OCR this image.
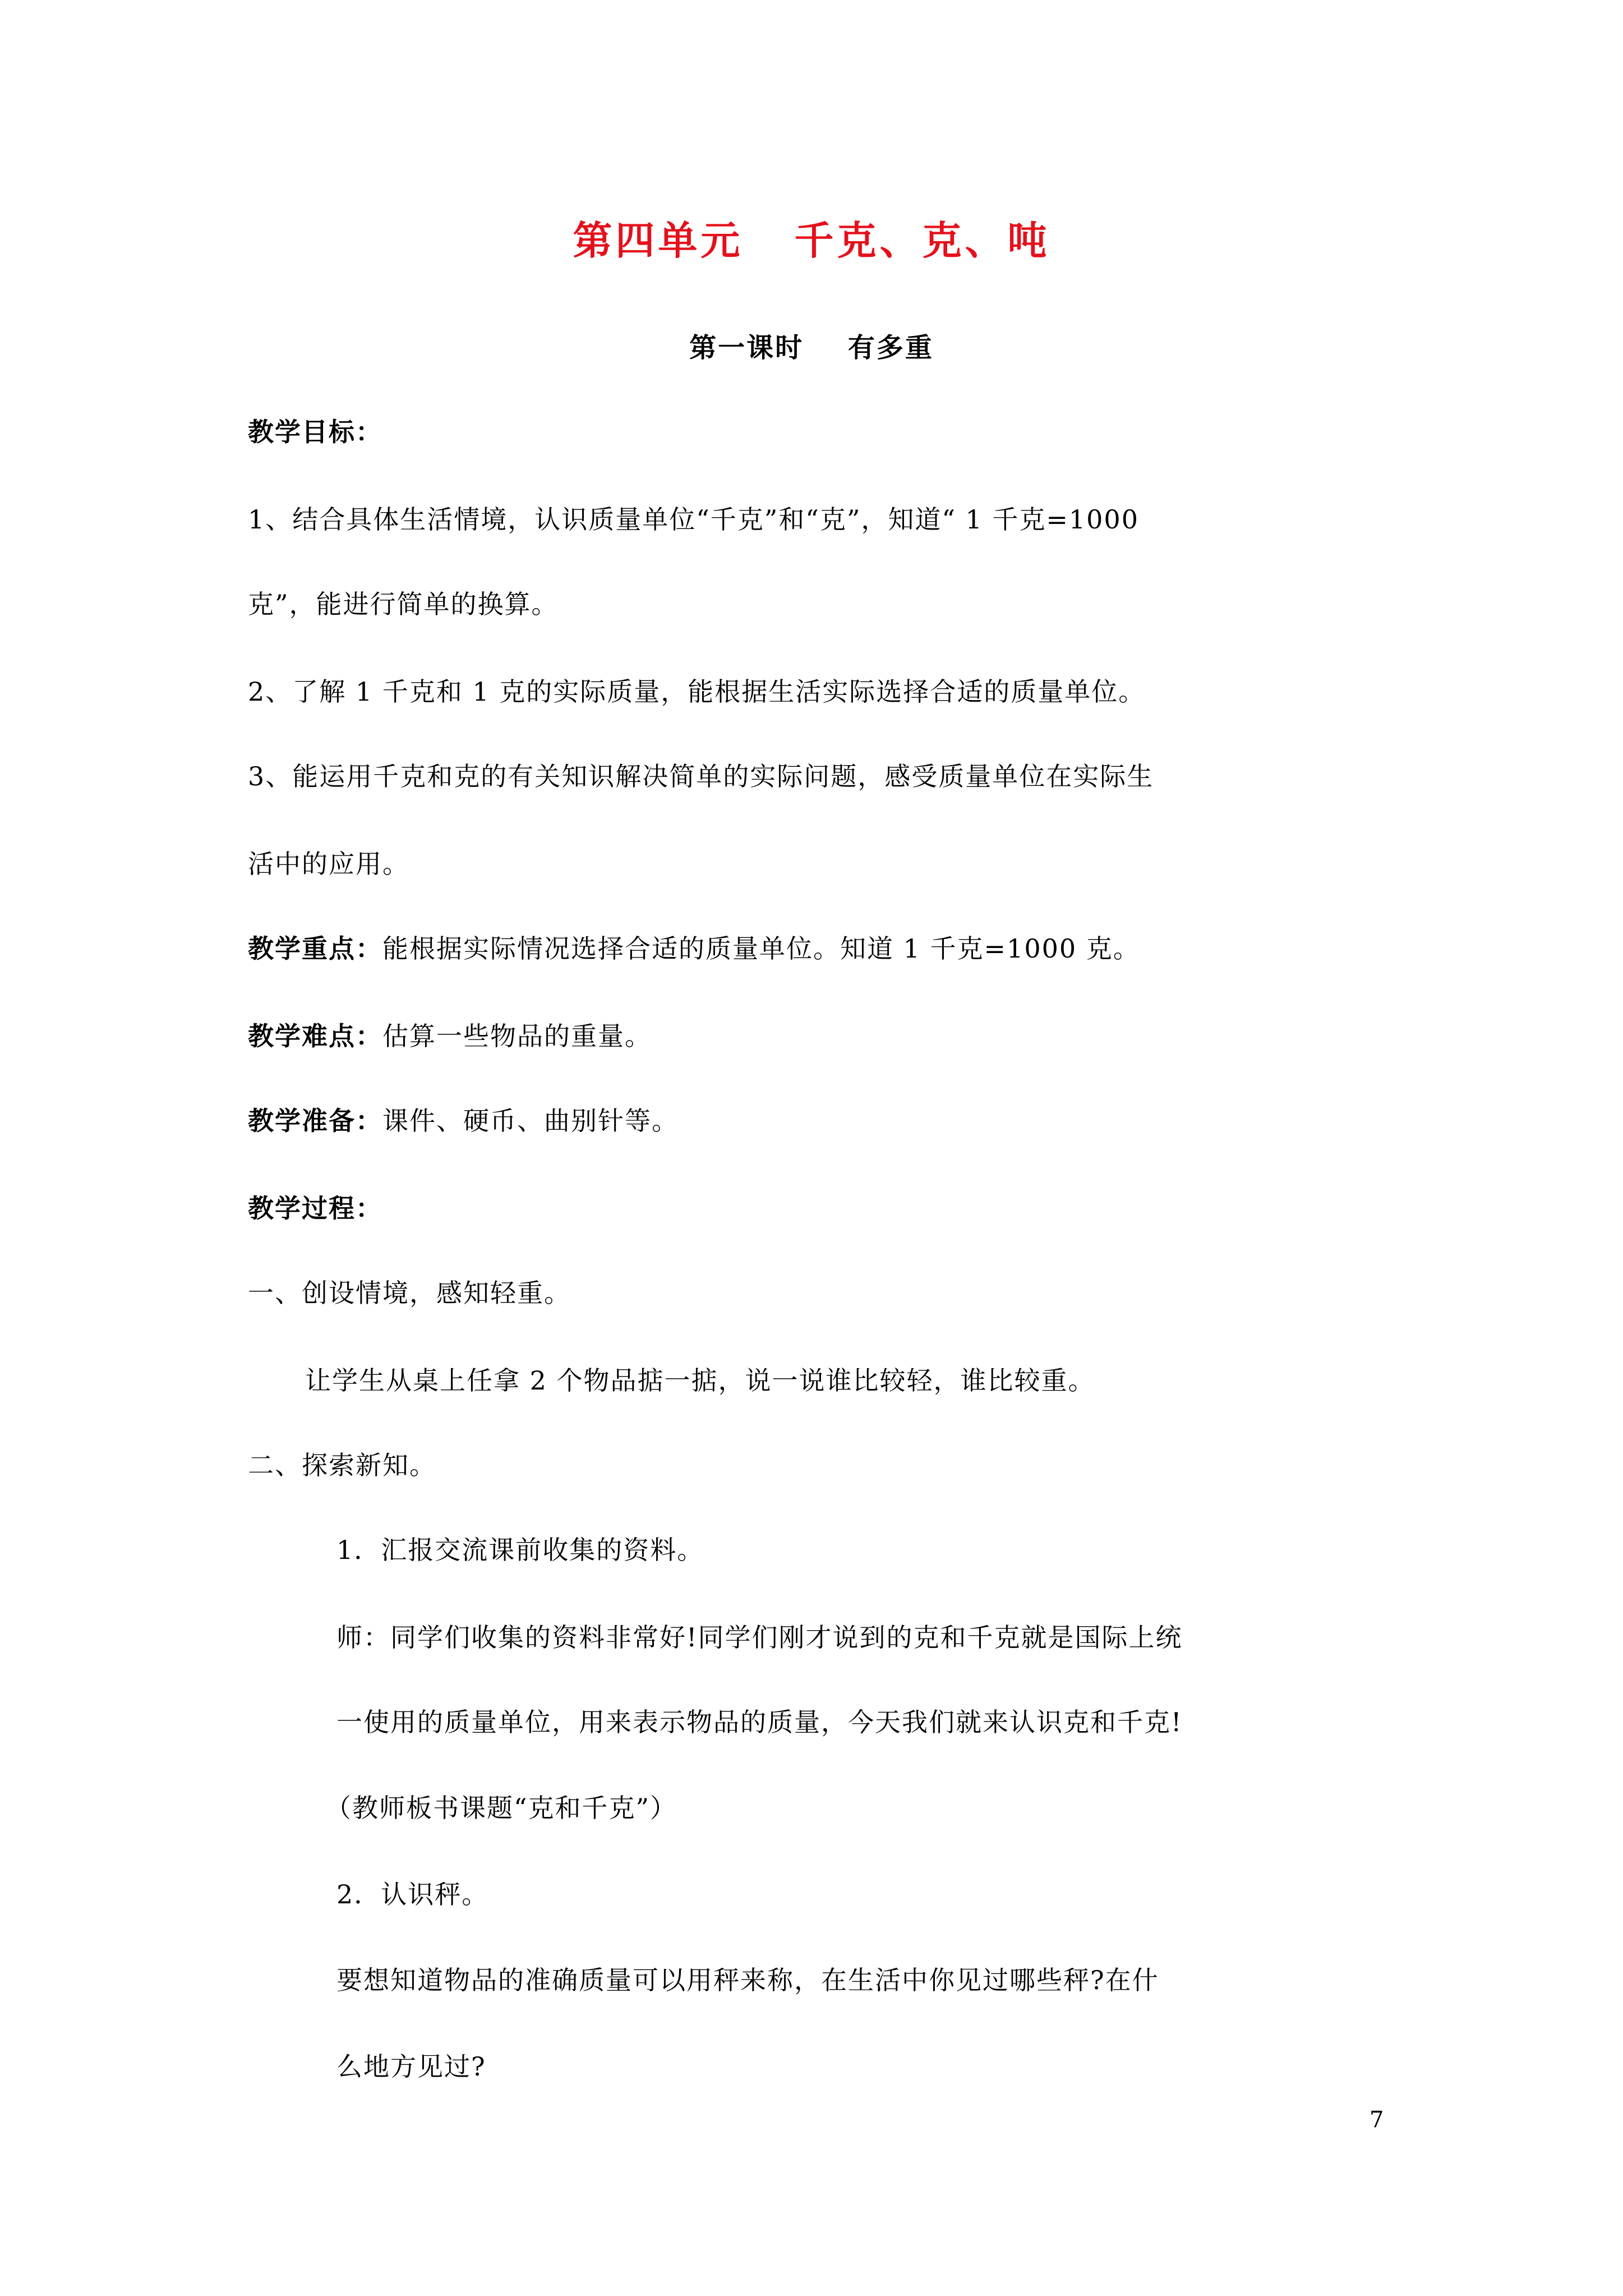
第四单元   千克、克、吨
第一课时    有多重
教学目标：
1、结合具体生活情境，认识质量单位“千克”和“克”，知道“ 1 千克=1000
克”，能进行简单的换算。
2、了解 1 千克和 1 克的实际质量，能根据生活实际选择合适的质量单位。
3、能运用千克和克的有关知识解决简单的实际问题，感受质量单位在实际生
活中的应用。
教学重点：能根据实际情况选择合适的质量单位。知道 1 千克=1000 克。
教学难点：估算一些物品的重量。
教学准备：课件、硬币、曲别针等。
教学过程：
一、创设情境，感知轻重。
让学生从桌上任拿 2 个物品掂一掂，说一说谁比较轻，谁比较重。
二、探索新知。
1．汇报交流课前收集的资料。
师：同学们收集的资料非常好!同学们刚才说到的克和千克就是国际上统
一使用的质量单位，用来表示物品的质量，今天我们就来认识克和千克!
（教师板书课题“克和千克”）
2．认识秤。
要想知道物品的准确质量可以用秤来称，在生活中你见过哪些秤?在什
么地方见过?
7
